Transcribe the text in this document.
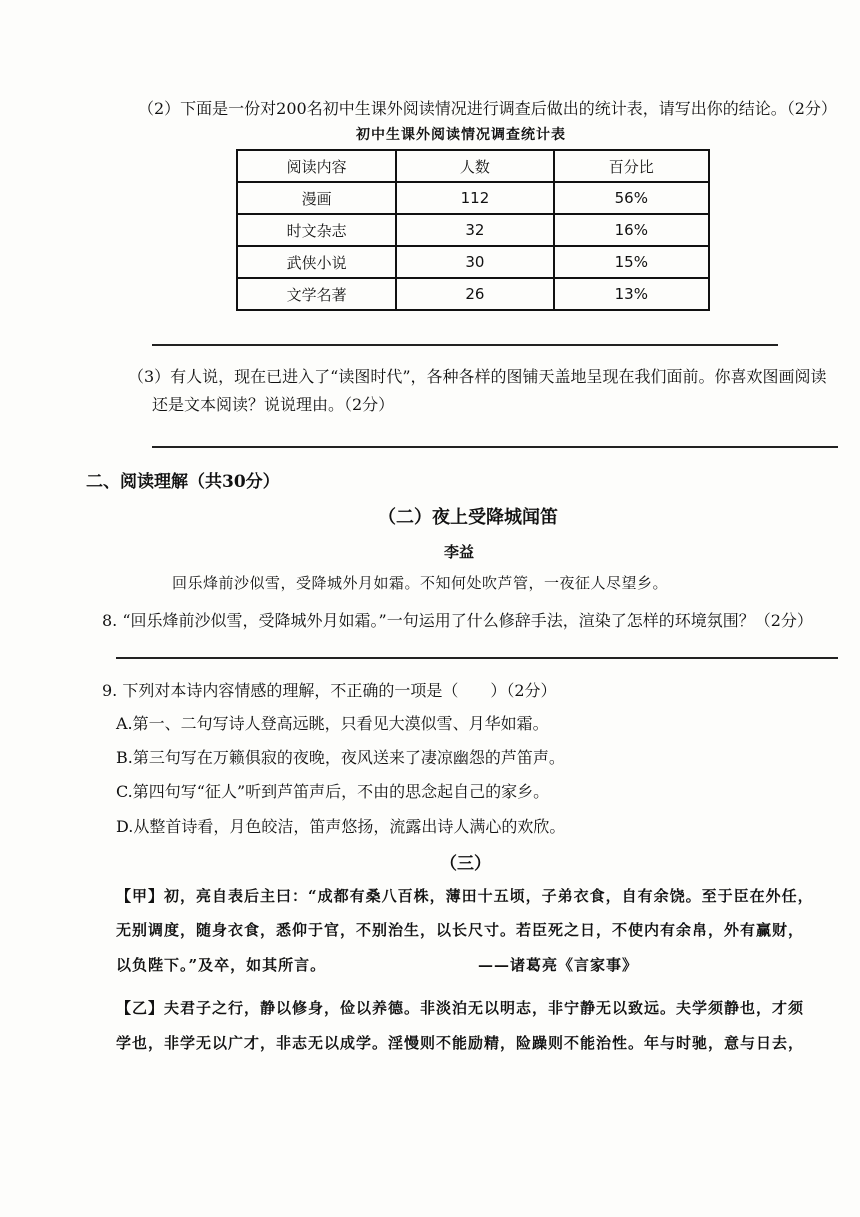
（2）下面是一份对200名初中生课外阅读情况进行调查后做出的统计表，请写出你的结论。（2分）
初中生课外阅读情况调查统计表
阅读内容	人数	百分比
漫画	112	56%
时文杂志	32	16%
武侠小说	30	15%
文学名著	26	13%
（3）有人说，现在已进入了“读图时代”，各种各样的图铺天盖地呈现在我们面前。你喜欢图画阅读
还是文本阅读？说说理由。（2分）
二、阅读理解（共30分）
（二）夜上受降城闻笛
李益
回乐烽前沙似雪，受降城外月如霜。不知何处吹芦管，一夜征人尽望乡。
8. “回乐烽前沙似雪，受降城外月如霜。”一句运用了什么修辞手法，渲染了怎样的环境氛围？（2分）
9. 下列对本诗内容情感的理解，不正确的一项是（　　）（2分）
A.第一、二句写诗人登高远眺，只看见大漠似雪、月华如霜。
B.第三句写在万籁俱寂的夜晚，夜风送来了凄凉幽怨的芦笛声。
C.第四句写“征人”听到芦笛声后，不由的思念起自己的家乡。
D.从整首诗看，月色皎洁，笛声悠扬，流露出诗人满心的欢欣。
（三）
【甲】初，亮自表后主曰：“成都有桑八百株，薄田十五顷，子弟衣食，自有余饶。至于臣在外任，
无别调度，随身衣食，悉仰于官，不别治生，以长尺寸。若臣死之日，不使内有余帛，外有赢财，
以负陛下。”及卒，如其所言。	——诸葛亮《言家事》
【乙】夫君子之行，静以修身，俭以养德。非淡泊无以明志，非宁静无以致远。夫学须静也，才须
学也，非学无以广才，非志无以成学。淫慢则不能励精，险躁则不能治性。年与时驰，意与日去，
